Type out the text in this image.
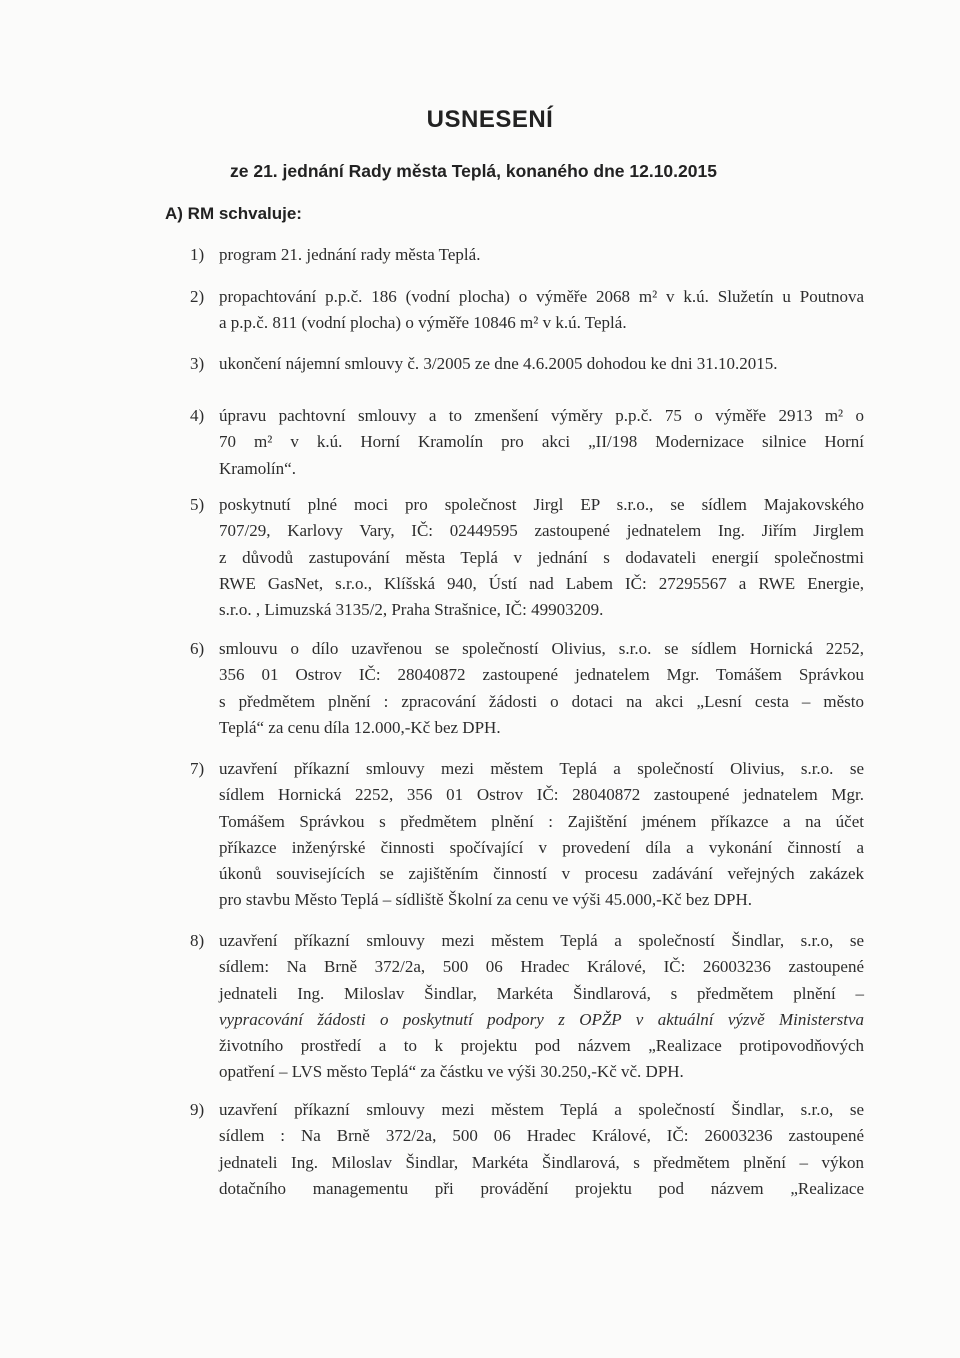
USNESENÍ
ze 21. jednání Rady města Teplá, konaného dne 12.10.2015
A) RM schvaluje:
1) program 21. jednání rady města Teplá.
2) propachtování p.p.č. 186 (vodní plocha) o výměře 2068 m² v k.ú. Služetín u Poutnova
a p.p.č. 811 (vodní plocha) o výměře 10846 m² v k.ú. Teplá.
3) ukončení nájemní smlouvy č. 3/2005 ze dne 4.6.2005 dohodou ke dni 31.10.2015.
4) úpravu pachtovní smlouvy a to zmenšení výměry p.p.č. 75 o výměře 2913 m² o
70 m² v k.ú. Horní Kramolín pro akci „II/198 Modernizace silnice Horní
Kramolín“.
5) poskytnutí plné moci pro společnost Jirgl EP s.r.o., se sídlem Majakovského
707/29, Karlovy Vary, IČ: 02449595 zastoupené jednatelem Ing. Jiřím Jirglem
z důvodů zastupování města Teplá v jednání s dodavateli energií společnostmi
RWE GasNet, s.r.o., Klíšská 940, Ústí nad Labem IČ: 27295567 a RWE Energie,
s.r.o. , Limuzská 3135/2, Praha Strašnice, IČ: 49903209.
6) smlouvu o dílo uzavřenou se společností Olivius, s.r.o. se sídlem Hornická 2252,
356 01 Ostrov IČ: 28040872 zastoupené jednatelem Mgr. Tomášem Správkou
s předmětem plnění : zpracování žádosti o dotaci na akci „Lesní cesta – město
Teplá“ za cenu díla 12.000,-Kč bez DPH.
7) uzavření příkazní smlouvy mezi městem Teplá a společností Olivius, s.r.o. se
sídlem Hornická 2252, 356 01 Ostrov IČ: 28040872 zastoupené jednatelem Mgr.
Tomášem Správkou s předmětem plnění : Zajištění jménem příkazce a na účet
příkazce inženýrské činnosti spočívající v provedení díla a vykonání činností a
úkonů souvisejících se zajištěním činností v procesu zadávání veřejných zakázek
pro stavbu Město Teplá – sídliště Školní za cenu ve výši 45.000,-Kč bez DPH.
8) uzavření příkazní smlouvy mezi městem Teplá a společností Šindlar, s.r.o, se
sídlem: Na Brně 372/2a, 500 06 Hradec Králové, IČ: 26003236 zastoupené
jednateli Ing. Miloslav Šindlar, Markéta Šindlarová, s předmětem plnění –
vypracování žádosti o poskytnutí podpory z OPŽP v aktuální výzvě Ministerstva
životního prostředí a to k projektu pod názvem „Realizace protipovodňových
opatření – LVS město Teplá“ za částku ve výši 30.250,-Kč vč. DPH.
9) uzavření příkazní smlouvy mezi městem Teplá a společností Šindlar, s.r.o, se
sídlem : Na Brně 372/2a, 500 06 Hradec Králové, IČ: 26003236 zastoupené
jednateli Ing. Miloslav Šindlar, Markéta Šindlarová, s předmětem plnění – výkon
dotačního managementu při provádění projektu pod názvem „Realizace
